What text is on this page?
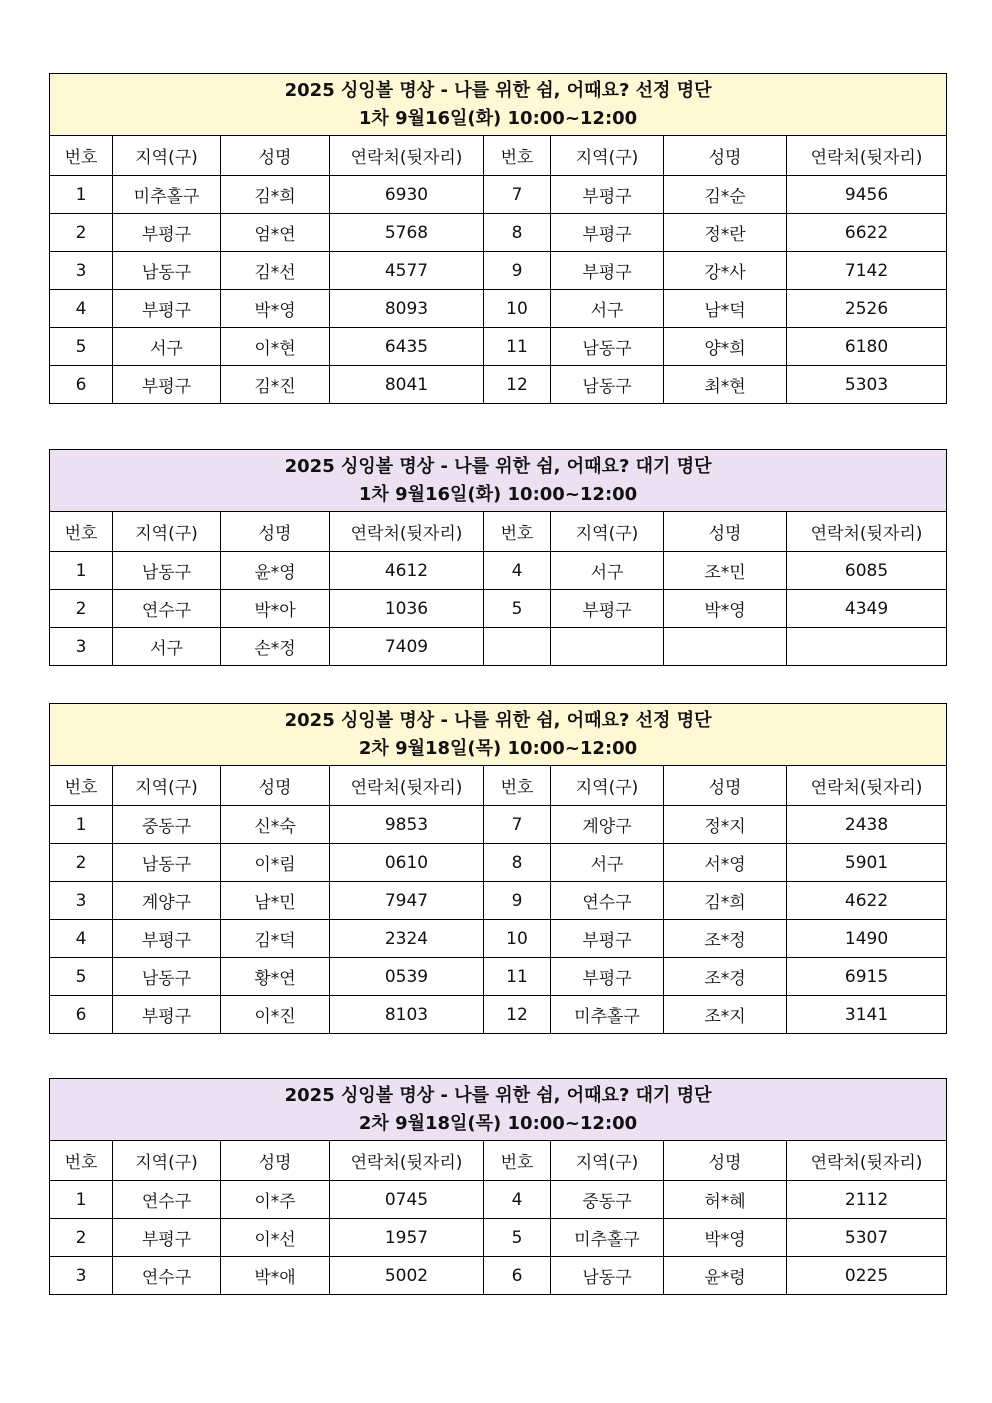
2025 싱잉볼 명상 - 나를 위한 쉼, 어때요? 선정 명단
1차 9월16일(화) 10:00~12:00							

번호	지역(구)	성명	연락처(뒷자리)	번호	지역(구)	성명	연락처(뒷자리)
1	미추홀구	김*희	6930	7	부평구	김*순	9456
2	부평구	엄*연	5768	8	부평구	정*란	6622
3	남동구	김*선	4577	9	부평구	강*사	7142
4	부평구	박*영	8093	10	서구	남*덕	2526
5	서구	이*현	6435	11	남동구	양*희	6180
6	부평구	김*진	8041	12	남동구	최*현	5303
2025 싱잉볼 명상 - 나를 위한 쉼, 어때요? 대기 명단
1차 9월16일(화) 10:00~12:00							

번호	지역(구)	성명	연락처(뒷자리)	번호	지역(구)	성명	연락처(뒷자리)
1	남동구	윤*영	4612	4	서구	조*민	6085
2	연수구	박*아	1036	5	부평구	박*영	4349
3	서구	손*정	7409				
2025 싱잉볼 명상 - 나를 위한 쉼, 어때요? 선정 명단
2차 9월18일(목) 10:00~12:00							

번호	지역(구)	성명	연락처(뒷자리)	번호	지역(구)	성명	연락처(뒷자리)
1	중동구	신*숙	9853	7	계양구	정*지	2438
2	남동구	이*림	0610	8	서구	서*영	5901
3	계양구	남*민	7947	9	연수구	김*희	4622
4	부평구	김*덕	2324	10	부평구	조*정	1490
5	남동구	황*연	0539	11	부평구	조*경	6915
6	부평구	이*진	8103	12	미추홀구	조*지	3141
2025 싱잉볼 명상 - 나를 위한 쉼, 어때요? 대기 명단
2차 9월18일(목) 10:00~12:00							

번호	지역(구)	성명	연락처(뒷자리)	번호	지역(구)	성명	연락처(뒷자리)
1	연수구	이*주	0745	4	중동구	허*혜	2112
2	부평구	이*선	1957	5	미추홀구	박*영	5307
3	연수구	박*애	5002	6	남동구	윤*령	0225
